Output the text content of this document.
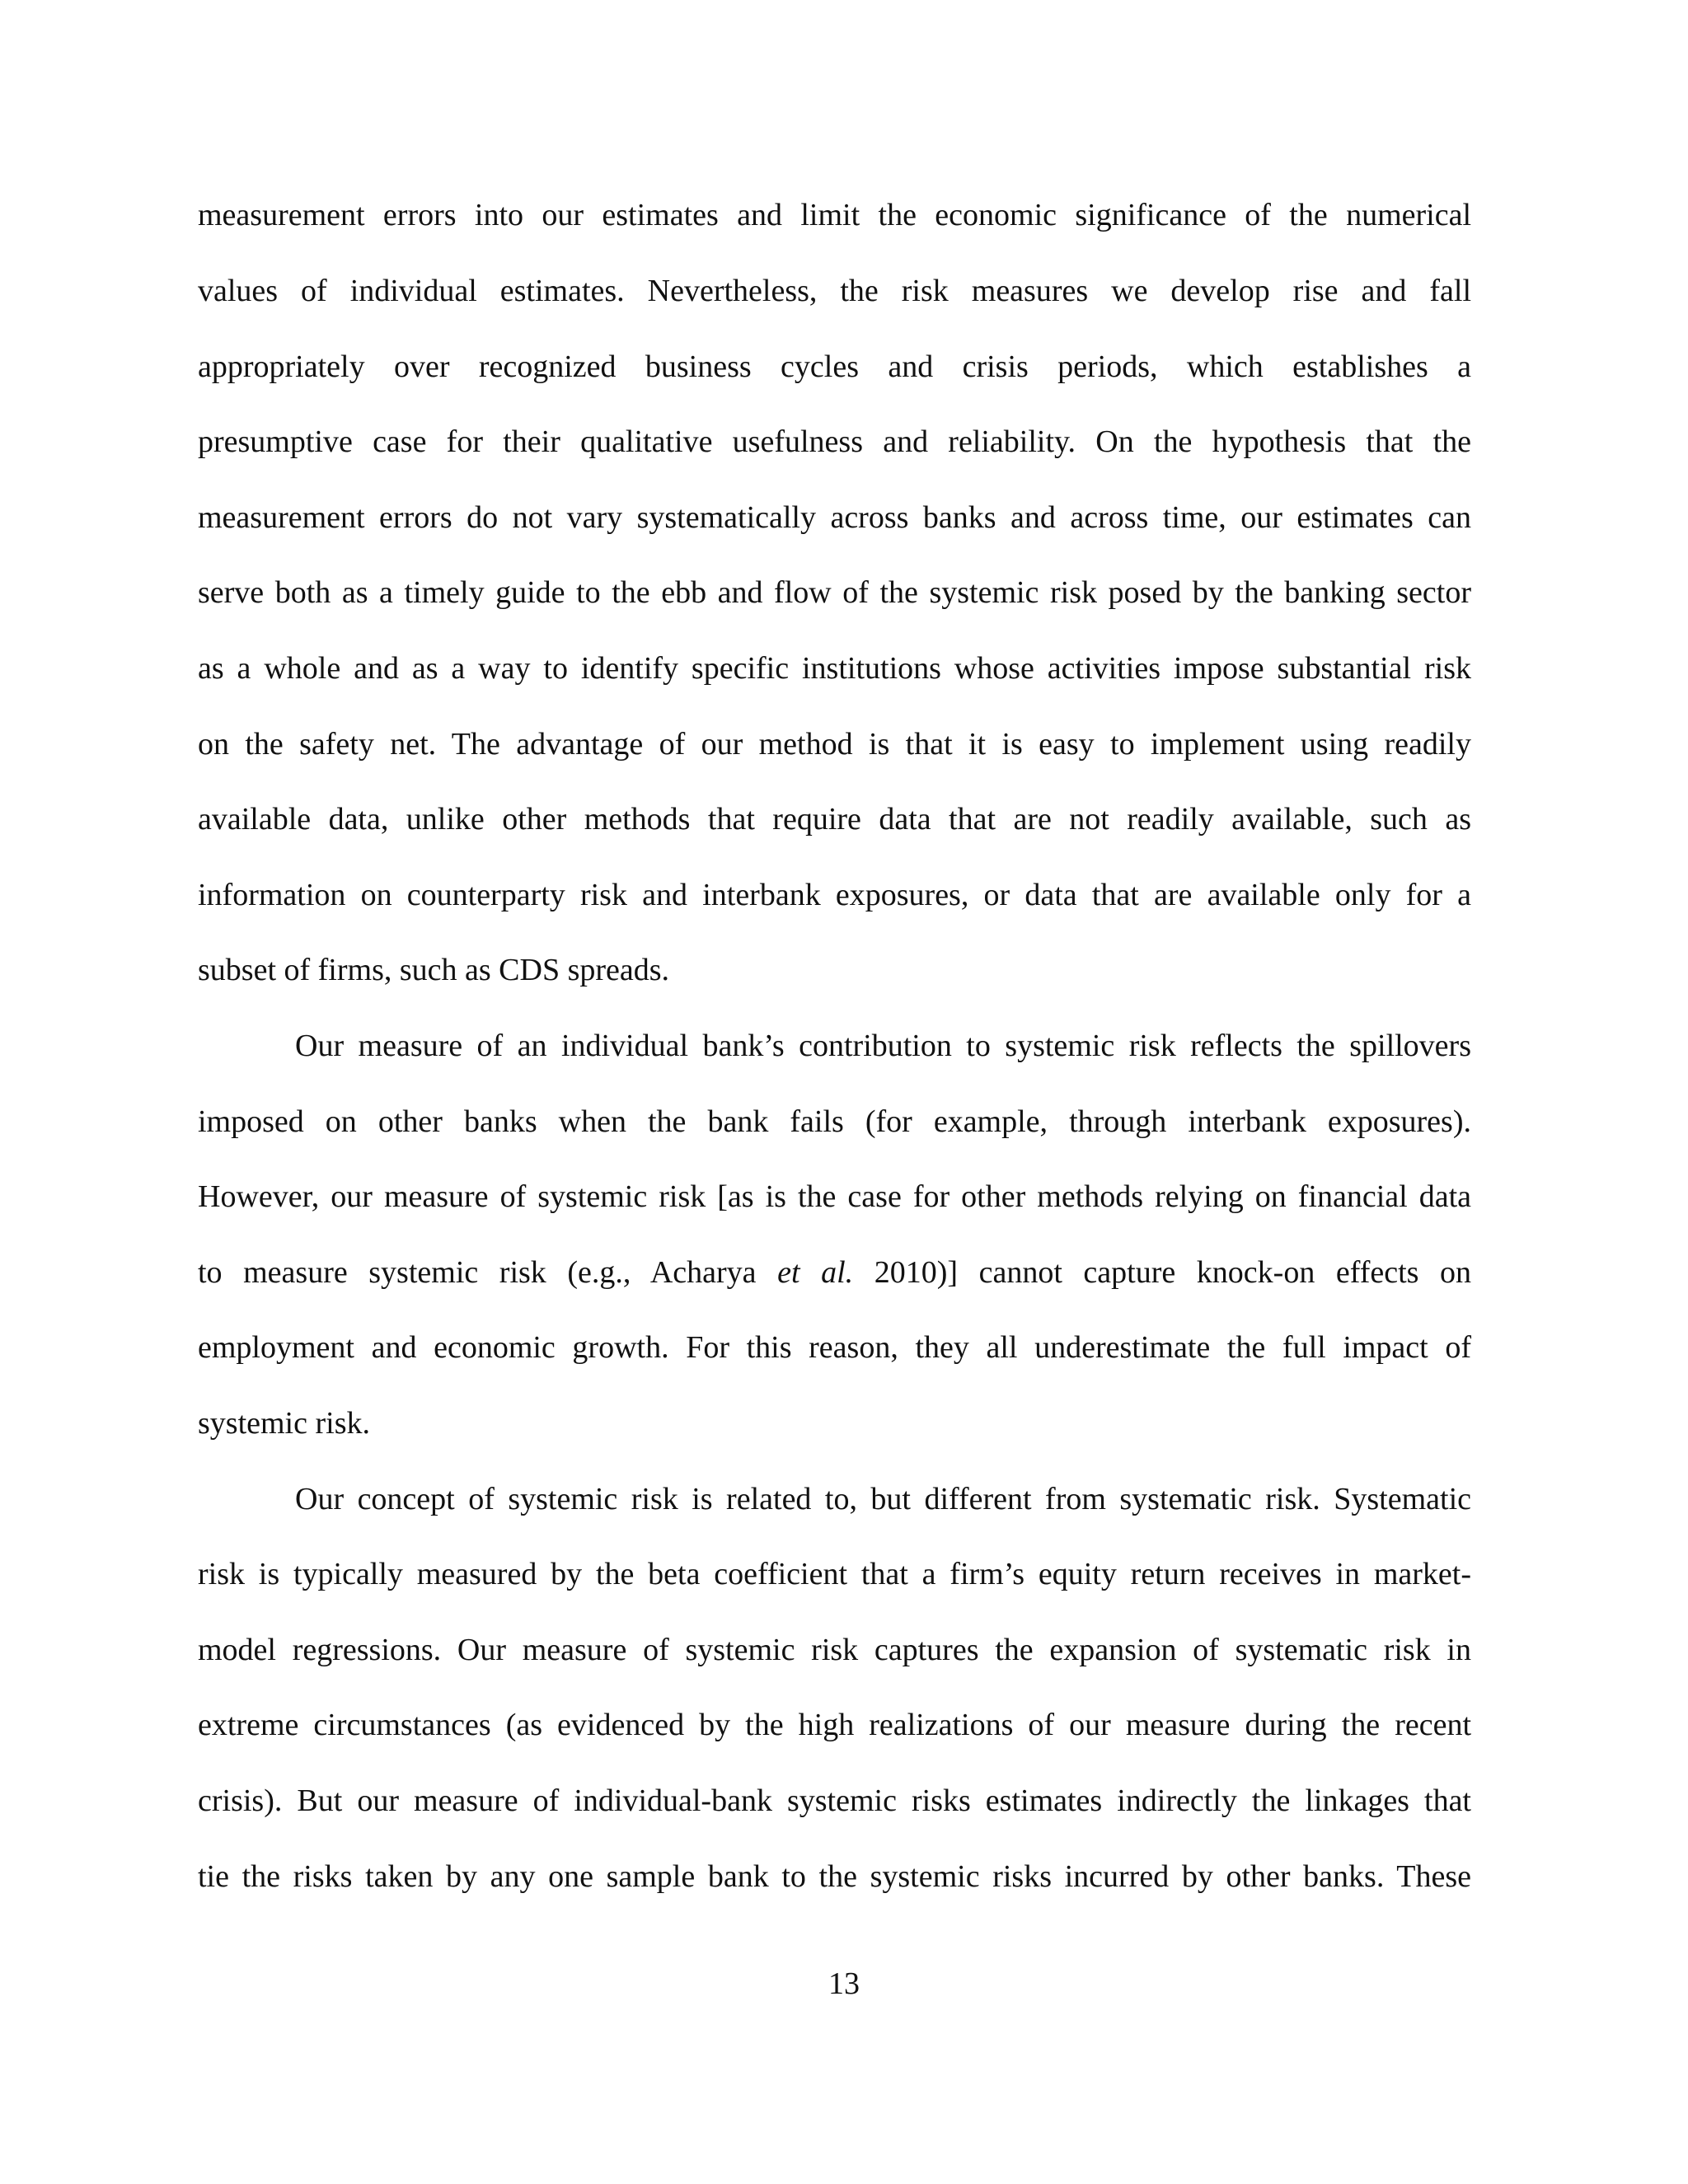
measurement errors into our estimates and limit the economic significance of the numerical
values of individual estimates. Nevertheless, the risk measures we develop rise and fall
appropriately over recognized business cycles and crisis periods, which establishes a
presumptive case for their qualitative usefulness and reliability. On the hypothesis that the
measurement errors do not vary systematically across banks and across time, our estimates can
serve both as a timely guide to the ebb and flow of the systemic risk posed by the banking sector
as a whole and as a way to identify specific institutions whose activities impose substantial risk
on the safety net. The advantage of our method is that it is easy to implement using readily
available data, unlike other methods that require data that are not readily available, such as
information on counterparty risk and interbank exposures, or data that are available only for a
subset of firms, such as CDS spreads.
Our measure of an individual bank’s contribution to systemic risk reflects the spillovers
imposed on other banks when the bank fails (for example, through interbank exposures).
However, our measure of systemic risk [as is the case for other methods relying on financial data
to measure systemic risk (e.g., Acharya et al. 2010)] cannot capture knock-on effects on
employment and economic growth. For this reason, they all underestimate the full impact of
systemic risk.
Our concept of systemic risk is related to, but different from systematic risk. Systematic
risk is typically measured by the beta coefficient that a firm’s equity return receives in market-
model regressions. Our measure of systemic risk captures the expansion of systematic risk in
extreme circumstances (as evidenced by the high realizations of our measure during the recent
crisis). But our measure of individual-bank systemic risks estimates indirectly the linkages that
tie the risks taken by any one sample bank to the systemic risks incurred by other banks. These
13
